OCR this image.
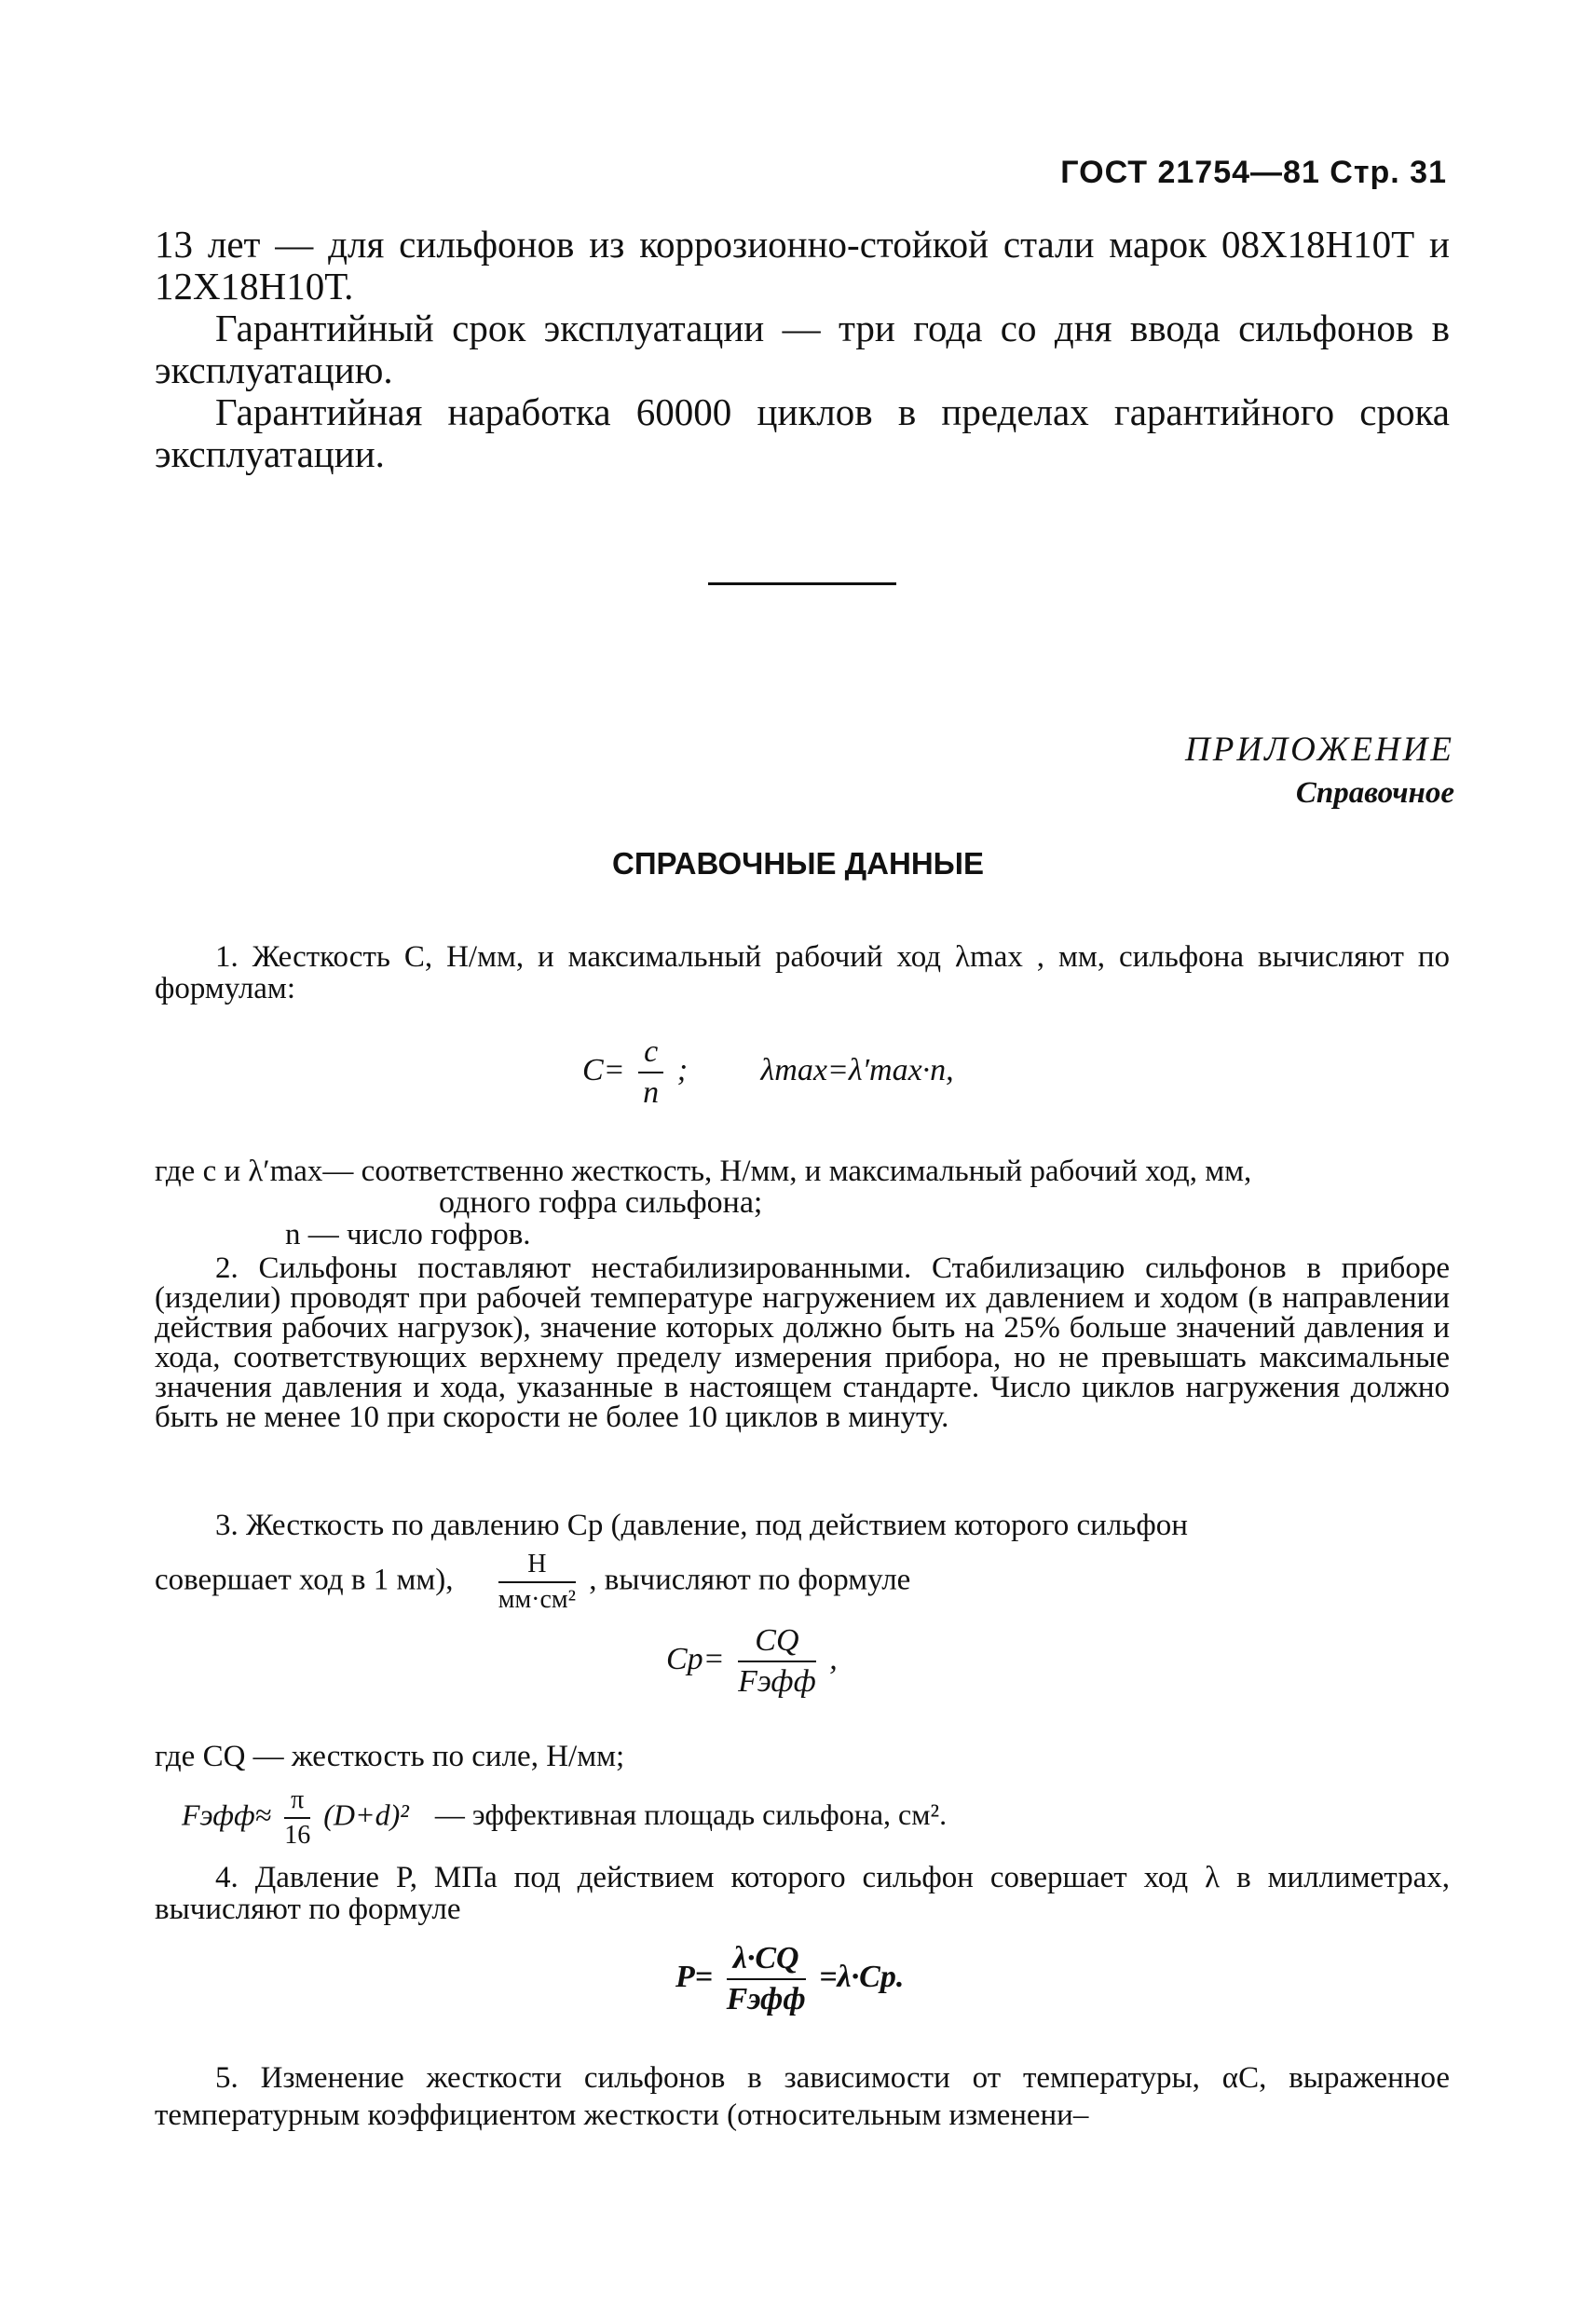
ГОСТ 21754—81 Стр. 31

13 лет — для сильфонов из коррозионно-стойкой стали марок 08Х18Н10Т и 12Х18Н10Т.

Гарантийный срок эксплуатации — три года со дня ввода сильфонов в эксплуатацию.

Гарантийная наработка 60000 циклов в пределах гарантийного срока эксплуатации.

ПРИЛОЖЕНИЕ
Справочное
СПРАВОЧНЫЕ ДАННЫЕ

1. Жесткость С, Н/мм, и максимальный рабочий ход λmax , мм, сильфона вычисляют по формулам:

$C= \frac{c}{n}$ ; λmax=λ′max·n,

где c и λ′max— соответственно жесткость, Н/мм, и максимальный рабочий ход, мм,

одного гофра сильфона;

n — число гофров.

2. Сильфоны поставляют нестабилизированными. Стабилизацию сильфонов в приборе (изделии) проводят при рабочей температуре нагружением их давлением и ходом (в направлении действия рабочих нагрузок), значение которых должно быть на 25% больше значений давления и хода, соответствующих верхнему пределу измерения прибора, но не превышать максимальные значения давления и хода, указанные в настоящем стандарте. Число циклов нагружения должно быть не менее 10 при скорости не более 10 циклов в минуту.

3. Жесткость по давлению Cp (давление, под действием которого сильфон

совершает ход в 1 мм), $\frac{Н}{\text{мм·см²}}$ , вычисляют по формуле
$Cp= \frac{CQ}{\text{Fэфф}}$ ,

где CQ — жесткость по силе, Н/мм;

Fэфф≈ $\frac{\pi}{16} (D+d)^2$ — эффективная площадь сильфона, см².

4. Давление P, МПа под действием которого сильфон совершает ход λ в миллиметрах, вычисляют по формуле

$P= \frac{\lambda\cdot CQ}{\text{Fэфф}} =\lambda\cdot Cp$.

5. Изменение жесткости сильфонов в зависимости от температуры, αC, выраженное температурным коэффициентом жесткости (относительным изменени–
